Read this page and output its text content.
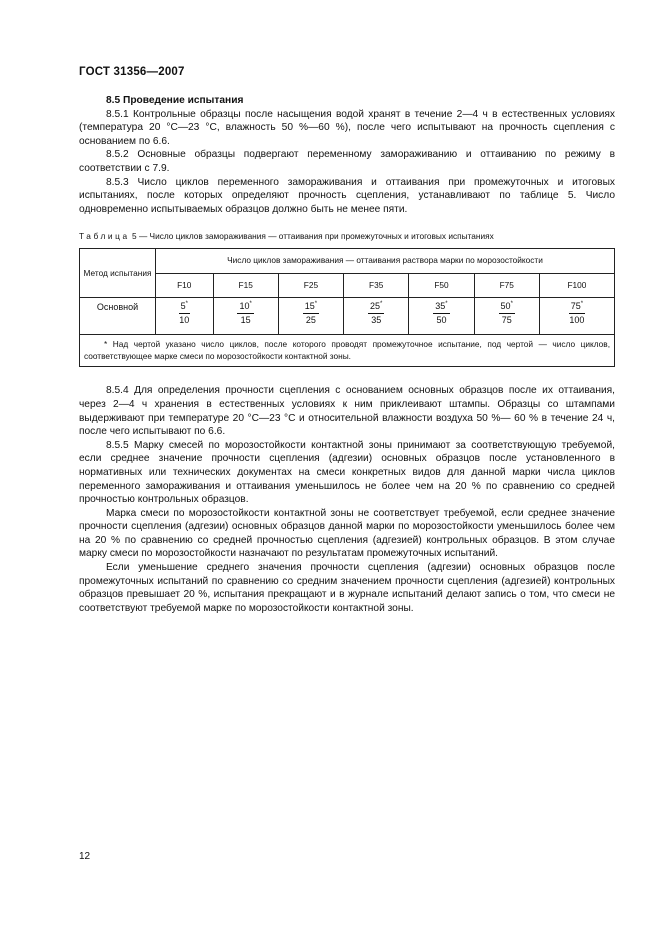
ГОСТ 31356—2007

8.5 Проведение испытания

8.5.1 Контрольные образцы после насыщения водой хранят в течение 2—4 ч в естественных условиях (температура 20 °С—23 °С, влажность 50 %—60 %), после чего испытывают на прочность сцепления с основанием по 6.6.

8.5.2 Основные образцы подвергают переменному замораживанию и оттаиванию по режиму в соответствии с 7.9.

8.5.3 Число циклов переменного замораживания и оттаивания при промежуточных и итоговых испытаниях, после которых определяют прочность сцепления, устанавливают по таблице 5. Число одновременно испытываемых образцов должно быть не менее пяти.

Таблица 5 — Число циклов замораживания — оттаивания при промежуточных и итоговых испытаниях

Метод испытания	Число циклов замораживания — оттаивания раствора марки по морозостойкости						
	F10	F15	F25	F35	F50	F75	F100
Основной	$\frac{5^*}{10}$	$\frac{10^*}{15}$	$\frac{15^*}{25}$	$\frac{25^*}{35}$	$\frac{35^*}{50}$	$\frac{50^*}{75}$	$\frac{75^*}{100}$

* Над чертой указано число циклов, после которого проводят промежуточное испытание, под чертой — число циклов, соответствующее марке смеси по морозостойкости контактной зоны.							

8.5.4 Для определения прочности сцепления с основанием основных образцов после их оттаивания, через 2—4 ч хранения в естественных условиях к ним приклеивают штампы. Образцы со штампами выдерживают при температуре 20 °С—23 °С и относительной влажности воздуха 50 %— 60 % в течение 24 ч, после чего испытывают по 6.6.

8.5.5 Марку смесей по морозостойкости контактной зоны принимают за соответствующую требуемой, если среднее значение прочности сцепления (адгезии) основных образцов после установленного в нормативных или технических документах на смеси конкретных видов для данной марки числа циклов переменного замораживания и оттаивания уменьшилось не более чем на 20 % по сравнению со средней прочностью контрольных образцов.

Марка смеси по морозостойкости контактной зоны не соответствует требуемой, если среднее значение прочности сцепления (адгезии) основных образцов данной марки по морозостойкости уменьшилось более чем на 20 % по сравнению со средней прочностью сцепления (адгезией) контрольных образцов. В этом случае марку смеси по морозостойкости назначают по результатам промежуточных испытаний.

Если уменьшение среднего значения прочности сцепления (адгезии) основных образцов после промежуточных испытаний по сравнению со средним значением прочности сцепления (адгезией) контрольных образцов превышает 20 %, испытания прекращают и в журнале испытаний делают запись о том, что смеси не соответствуют требуемой марке по морозостойкости контактной зоны.

12
